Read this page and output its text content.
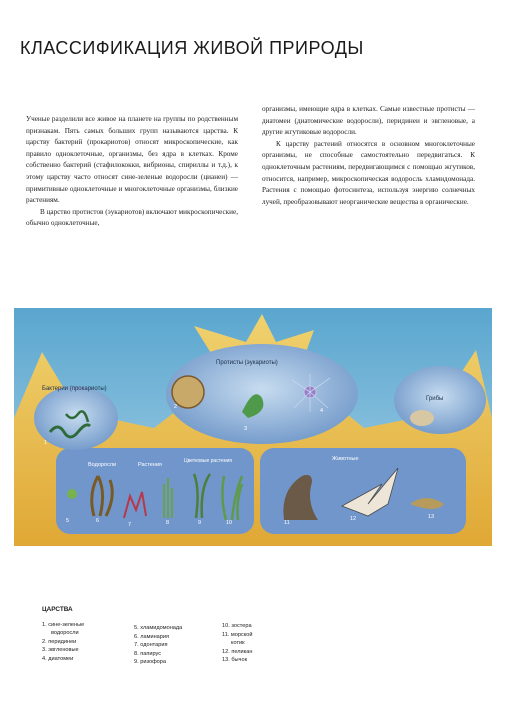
КЛАССИФИКАЦИЯ ЖИВОЙ ПРИРОДЫ

Ученые разделили все живое на планете на группы по родственным признакам. Пять самых больших групп называются царства. К царству бактерий (прокариотов) относят микроскопические, как правило одноклеточные, организмы, без ядра в клетках. Кроме собственно бактерий (стафилококки, вибрионы, спириллы и т.д.), к этому царству часто относят сине-зеленые водоросли (цианеи) — примитивные одноклеточные и многоклеточные организмы, близкие растениям.

В царство протистов (эукариотов) включают микроскопические, обычно одноклеточные,

организмы, имеющие ядра в клетках. Самые известные протисты — диатомеи (диатомические водоросли), перидинеи и эвгленовые, а другие жгутиковые водоросли.

К царству растений относятся в основном многоклеточные организмы, не способные самостоятельно передвигаться. К одноклеточным растениям, передвигающимся с помощью жгутиков, относится, например, микроскопическая водоросль хламидомонада. Растения с помощью фотосинтеза, используя энергию солнечных лучей, преобразовывают неорганические вещества в органические.

Бактерии (прокариоты)
Протисты (эукариоты)
Грибы
Водоросли	Растения
Цветковые растения	Животные
1
2
3
4
5	6
7	8	9	10	11
12	13
ЦАРСТВА
1. сине-зеленые
водоросли
2. перидинеи
3. эвгленовые
4. диатомеи
5. хламидомонада
6. ламинария
7. одонтария
8. папирус
9. ризофора
10. зостера
11. морской
котик
12. пеликан
13. бычок
